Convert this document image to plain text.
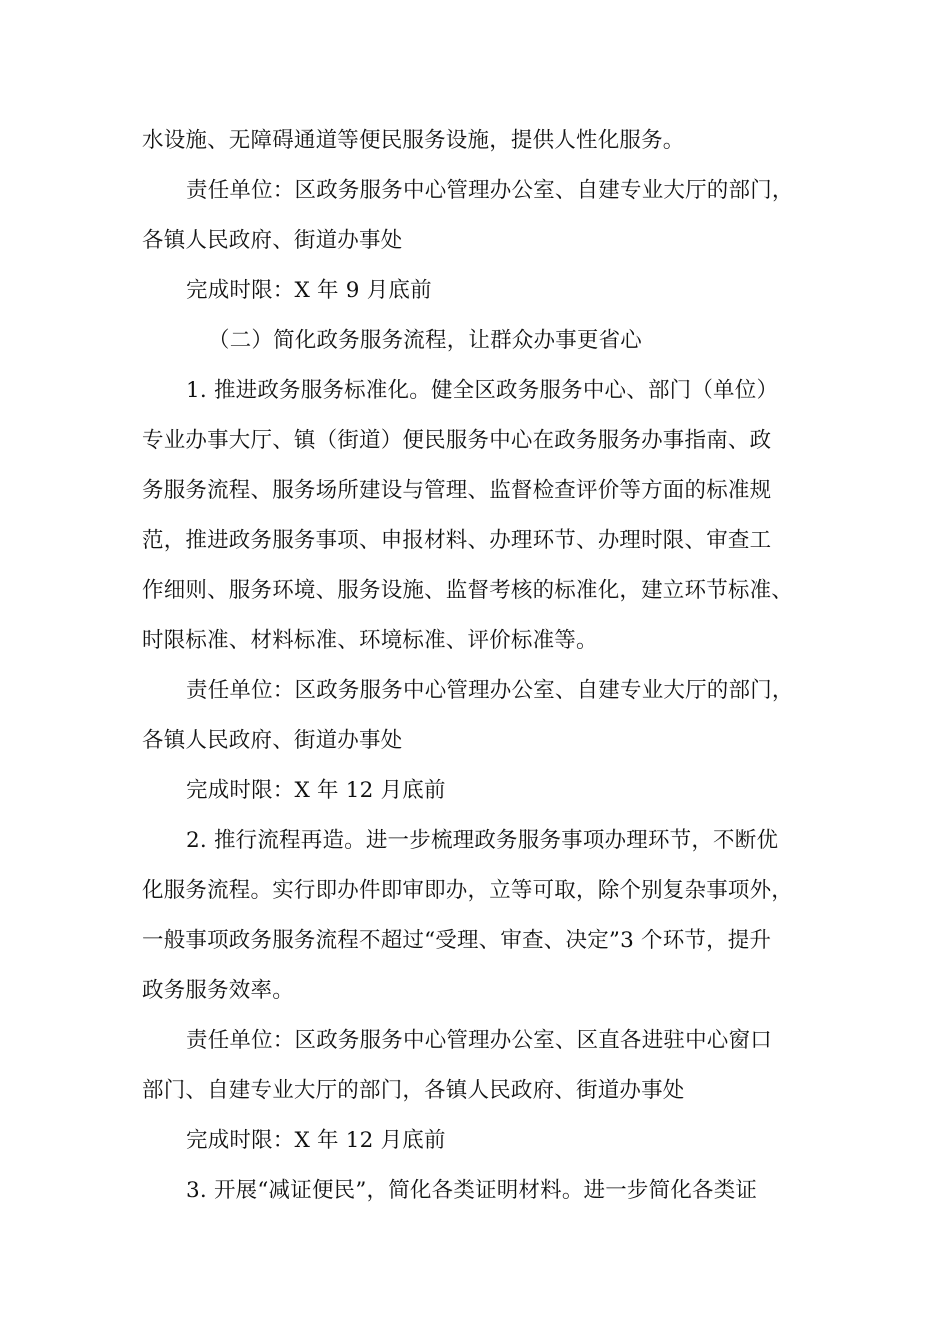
水设施、无障碍通道等便民服务设施，提供人性化服务。
责任单位：区政务服务中心管理办公室、自建专业大厅的部门，
各镇人民政府、街道办事处
完成时限：X 年 9 月底前
（二）简化政务服务流程，让群众办事更省心
1. 推进政务服务标准化。健全区政务服务中心、部门（单位）
专业办事大厅、镇（街道）便民服务中心在政务服务办事指南、政
务服务流程、服务场所建设与管理、监督检查评价等方面的标准规
范，推进政务服务事项、申报材料、办理环节、办理时限、审查工
作细则、服务环境、服务设施、监督考核的标准化，建立环节标准、
时限标准、材料标准、环境标准、评价标准等。
责任单位：区政务服务中心管理办公室、自建专业大厅的部门，
各镇人民政府、街道办事处
完成时限：X 年 12 月底前
2. 推行流程再造。进一步梳理政务服务事项办理环节，不断优
化服务流程。实行即办件即审即办，立等可取，除个别复杂事项外，
一般事项政务服务流程不超过“受理、审查、决定”3 个环节，提升
政务服务效率。
责任单位：区政务服务中心管理办公室、区直各进驻中心窗口
部门、自建专业大厅的部门，各镇人民政府、街道办事处
完成时限：X 年 12 月底前
3. 开展“减证便民”，简化各类证明材料。进一步简化各类证
